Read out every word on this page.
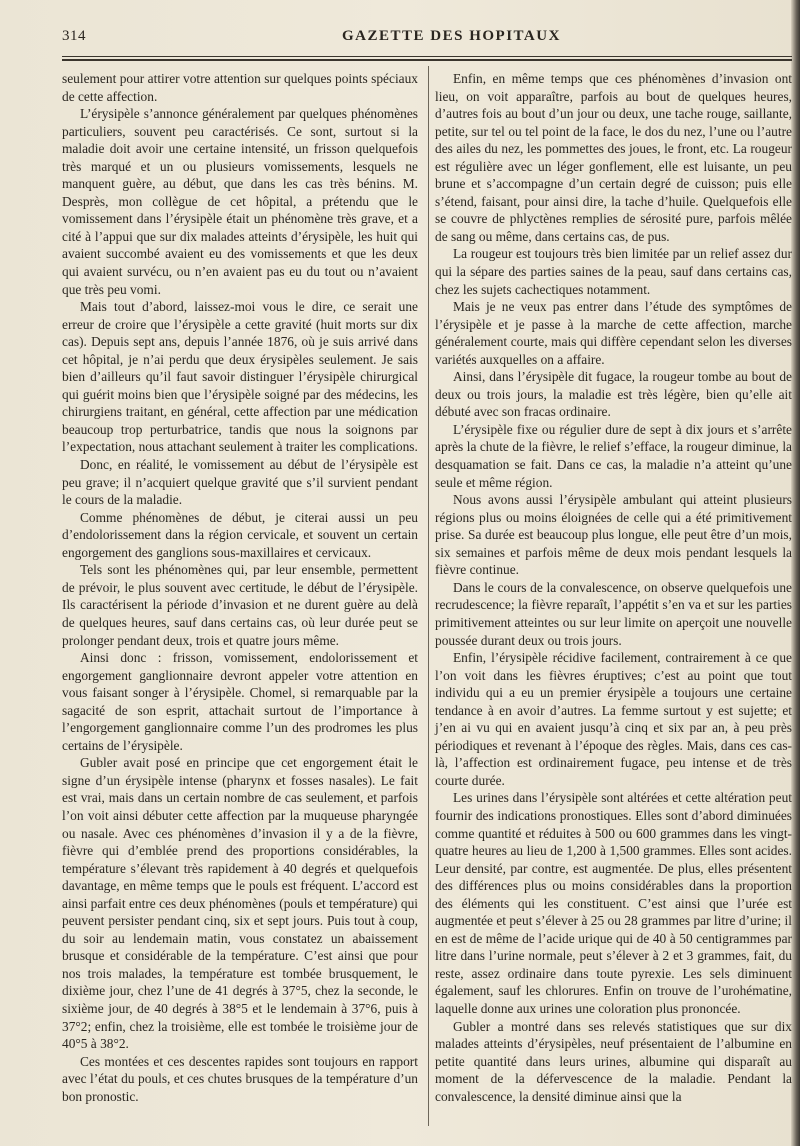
314	GAZETTE DES HOPITAUX

seulement pour attirer votre attention sur quelques points spéciaux de cette affection.

L’érysipèle s’annonce généralement par quelques phénomènes particuliers, souvent peu caractérisés. Ce sont, surtout si la maladie doit avoir une certaine intensité, un frisson quelquefois très marqué et un ou plusieurs vomissements, lesquels ne manquent guère, au début, que dans les cas très bénins. M. Desprès, mon collègue de cet hôpital, a prétendu que le vomissement dans l’érysipèle était un phénomène très grave, et a cité à l’appui que sur dix malades atteints d’érysipèle, les huit qui avaient succombé avaient eu des vomissements et que les deux qui avaient survécu, ou n’en avaient pas eu du tout ou n’avaient que très peu vomi.

Mais tout d’abord, laissez-moi vous le dire, ce serait une erreur de croire que l’érysipèle a cette gravité (huit morts sur dix cas). Depuis sept ans, depuis l’année 1876, où je suis arrivé dans cet hôpital, je n’ai perdu que deux érysipèles seulement. Je sais bien d’ailleurs qu’il faut savoir distinguer l’érysipèle chirurgical qui guérit moins bien que l’érysipèle soigné par des médecins, les chirurgiens traitant, en général, cette affection par une médication beaucoup trop perturbatrice, tandis que nous la soignons par l’expectation, nous attachant seulement à traiter les complications.

Donc, en réalité, le vomissement au début de l’érysipèle est peu grave; il n’acquiert quelque gravité que s’il survient pendant le cours de la maladie.

Comme phénomènes de début, je citerai aussi un peu d’endolorissement dans la région cervicale, et souvent un certain engorgement des ganglions sous-maxillaires et cervicaux.

Tels sont les phénomènes qui, par leur ensemble, permettent de prévoir, le plus souvent avec certitude, le début de l’érysipèle. Ils caractérisent la période d’invasion et ne durent guère au delà de quelques heures, sauf dans certains cas, où leur durée peut se prolonger pendant deux, trois et quatre jours même.

Ainsi donc : frisson, vomissement, endolorissement et engorgement ganglionnaire devront appeler votre attention en vous faisant songer à l’érysipèle. Chomel, si remarquable par la sagacité de son esprit, attachait surtout de l’importance à l’engorgement ganglionnaire comme l’un des prodromes les plus certains de l’érysipèle.

Gubler avait posé en principe que cet engorgement était le signe d’un érysipèle intense (pharynx et fosses nasales). Le fait est vrai, mais dans un certain nombre de cas seulement, et parfois l’on voit ainsi débuter cette affection par la muqueuse pharyngée ou nasale. Avec ces phénomènes d’invasion il y a de la fièvre, fièvre qui d’emblée prend des proportions considérables, la température s’élevant très rapidement à 40 degrés et quelquefois davantage, en même temps que le pouls est fréquent. L’accord est ainsi parfait entre ces deux phénomènes (pouls et température) qui peuvent persister pendant cinq, six et sept jours. Puis tout à coup, du soir au lendemain matin, vous constatez un abaissement brusque et considérable de la température. C’est ainsi que pour nos trois malades, la température est tombée brusquement, le dixième jour, chez l’une de 41 degrés à 37°5, chez la seconde, le sixième jour, de 40 degrés à 38°5 et le lendemain à 37°6, puis à 37°2; enfin, chez la troisième, elle est tombée le troisième jour de 40°5 à 38°2.

Ces montées et ces descentes rapides sont toujours en rapport avec l’état du pouls, et ces chutes brusques de la température d’un bon pronostic.

Enfin, en même temps que ces phénomènes d’invasion ont lieu, on voit apparaître, parfois au bout de quelques heures, d’autres fois au bout d’un jour ou deux, une tache rouge, saillante, petite, sur tel ou tel point de la face, le dos du nez, l’une ou l’autre des ailes du nez, les pommettes des joues, le front, etc. La rougeur est régulière avec un léger gonflement, elle est luisante, un peu brune et s’accompagne d’un certain degré de cuisson; puis elle s’étend, faisant, pour ainsi dire, la tache d’huile. Quelquefois elle se couvre de phlyctènes remplies de sérosité pure, parfois mêlée de sang ou même, dans certains cas, de pus.

La rougeur est toujours très bien limitée par un relief assez dur qui la sépare des parties saines de la peau, sauf dans certains cas, chez les sujets cachectiques notamment.

Mais je ne veux pas entrer dans l’étude des symptômes de l’érysipèle et je passe à la marche de cette affection, marche généralement courte, mais qui diffère cependant selon les diverses variétés auxquelles on a affaire.

Ainsi, dans l’érysipèle dit fugace, la rougeur tombe au bout de deux ou trois jours, la maladie est très légère, bien qu’elle ait débuté avec son fracas ordinaire.

L’érysipèle fixe ou régulier dure de sept à dix jours et s’arrête après la chute de la fièvre, le relief s’efface, la rougeur diminue, la desquamation se fait. Dans ce cas, la maladie n’a atteint qu’une seule et même région.

Nous avons aussi l’érysipèle ambulant qui atteint plusieurs régions plus ou moins éloignées de celle qui a été primitivement prise. Sa durée est beaucoup plus longue, elle peut être d’un mois, six semaines et parfois même de deux mois pendant lesquels la fièvre continue.

Dans le cours de la convalescence, on observe quelquefois une recrudescence; la fièvre reparaît, l’appétit s’en va et sur les parties primitivement atteintes ou sur leur limite on aperçoit une nouvelle poussée durant deux ou trois jours.

Enfin, l’érysipèle récidive facilement, contrairement à ce que l’on voit dans les fièvres éruptives; c’est au point que tout individu qui a eu un premier érysipèle a toujours une certaine tendance à en avoir d’autres. La femme surtout y est sujette; et j’en ai vu qui en avaient jusqu’à cinq et six par an, à peu près périodiques et revenant à l’époque des règles. Mais, dans ces cas-là, l’affection est ordinairement fugace, peu intense et de très courte durée.

Les urines dans l’érysipèle sont altérées et cette altération peut fournir des indications pronostiques. Elles sont d’abord diminuées comme quantité et réduites à 500 ou 600 grammes dans les vingt-quatre heures au lieu de 1,200 à 1,500 grammes. Elles sont acides. Leur densité, par contre, est augmentée. De plus, elles présentent des différences plus ou moins considérables dans la proportion des éléments qui les constituent. C’est ainsi que l’urée est augmentée et peut s’élever à 25 ou 28 grammes par litre d’urine; il en est de même de l’acide urique qui de 40 à 50 centigrammes par litre dans l’urine normale, peut s’élever à 2 et 3 grammes, fait, du reste, assez ordinaire dans toute pyrexie. Les sels diminuent également, sauf les chlorures. Enfin on trouve de l’urohématine, laquelle donne aux urines une coloration plus prononcée.

Gubler a montré dans ses relevés statistiques que sur dix malades atteints d’érysipèles, neuf présentaient de l’albumine en petite quantité dans leurs urines, albumine qui disparaît au moment de la défervescence de la maladie. Pendant la convalescence, la densité diminue ainsi que la
